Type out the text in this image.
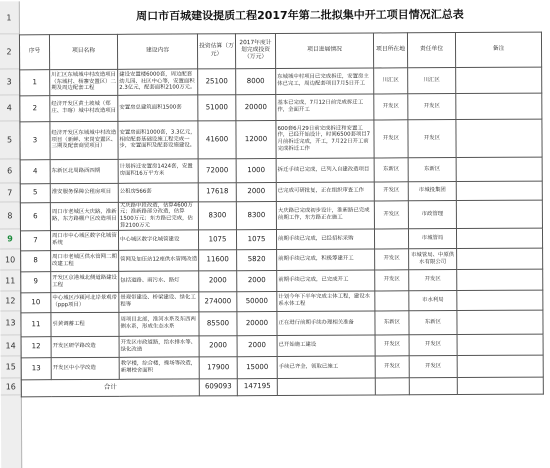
1
2
3
4
5
6
7
8
9
10
11
12
13
14
15
16
周口市百城建设提质工程2017年第二批拟集中开工项目情况汇总表								
序号	项目名称	建设内容	投资估算（万元）	2017年度计划完成投资（万元）	项目进展情况	项目所在地	责任单位	备注
1	川汇区东城城中村改造项目（东城村、杨寨安置区）二期及周边配套工程	建设安置楼6000套，周边配套幼儿园、社区中心等，安置面积2.3亿元，配套面积2100万元。	25100	8000	东城城中村项目已完成拆迁，安置房主体已完工，周边配套项目7月5日开工	川汇区	川汇区	
2	经济开发区黄土坡城（郑庄、丰喀）城中村改造项目	安置房总建筑面积1500套	51000	20000	基本已完成，7月12日前完成拆迁工作，全面开工	开发区	开发区	
3	经济开发区东城城中村改造项目（新鲜、宋岗安置区、三期及配套商贸项目）	安置房面积1000套，3.3亿元，相应配套基础设施工程完成一步，安置面积及配套设施建设。	41600	12000	600套6月29日前完成拆迁和安置工作，已经开始设计，时间6500套项目7月前拆迁完成，开工，7月22日开工前完成拆迁工作	开发区	开发区	
4	东新区北周路西四期	计划拆迁安置房1424套，安置房面积16万平方米	72000	1000	拆迁手续已完成，已列入自建改造项目	东新区	东新区	
5	淮安服务保障公租房项目	公租房566套	17618	2000	已完成可研批复，正在组织审查工作	开发区	市城投集团	
6	周口市老城区大庆路，淮新路，东方路棚户区改造项目	大庆路中段改造，估算4600万元；淮新路部分改造，估算1500万元；东方路已完成，估算2100万元	8300	8300	大庆路已完成初步设计，淮新路已完成前期工作，东方路正在施工	开发区	市政管理	
7	周口市中心城区数字化城管系统	中心城区数字化城管建设	1075	1075	前期手续已完成，已经招标采购		市城管局	
8	周口市老城区供水管网二期改建工程	管网及加压站12座供水管网改造	11600	5820	前期手续已完成，积极筹建开工	开发区	市城管局、中原供水有限公司	
9	开发区京港城北侧道路建设工程	包括道路、雨污水、路灯	2000	2000	前期手续已完成，已完成开工	开发区	开发区	
10	中心城区沙颍河北岸景观带（ppp项目）	景观带建设、桥梁建设、绿化工程等	274000	50000	计划今年下半年完成主体工程，建设水系水体工程		市水利局	
11	引黄调蓄工程	周项目北部，淮河水系及东西两侧水系，形成生态水系	85500	20000	正在进行前期手续办理相关准备	东新区	东新区	
12	开发区研学路改造	开发区市政道路，给水排水等、绿化改造	2000	2000	已开始施工建设	开发区	开发区	
13	开发区中小学改造	教学楼，综合楼，操场等改造，新增校舍面积	17900	15000	手续已齐全，领取已施工	开发区	开发区	
合计			609093	147195				
